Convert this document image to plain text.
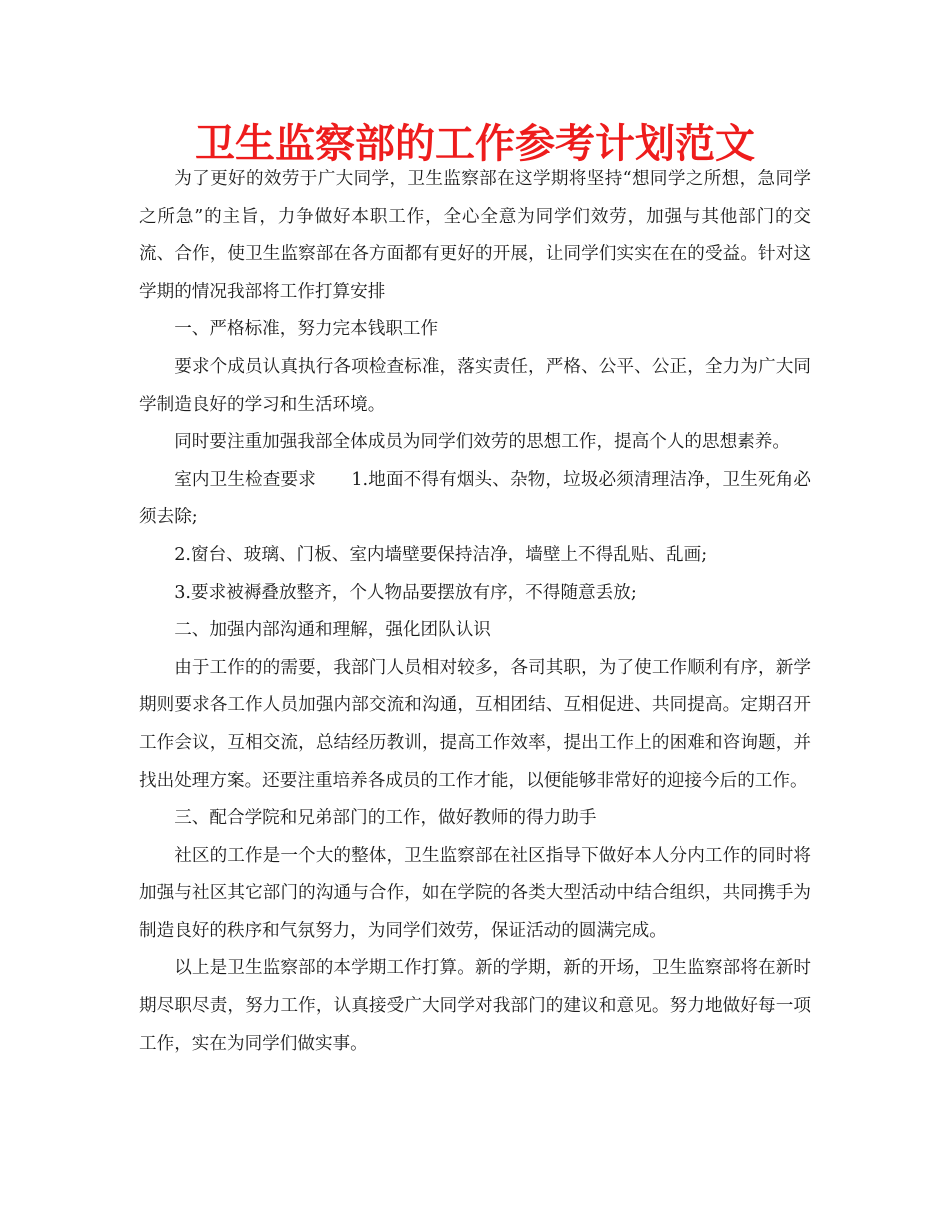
卫生监察部的工作参考计划范文

为了更好的效劳于广大同学，卫生监察部在这学期将坚持“想同学之所想，急同学之所急”的主旨，力争做好本职工作，全心全意为同学们效劳，加强与其他部门的交流、合作，使卫生监察部在各方面都有更好的开展，让同学们实实在在的受益。针对这学期的情况我部将工作打算安排

一、严格标准，努力完本钱职工作

要求个成员认真执行各项检查标准，落实责任，严格、公平、公正，全力为广大同学制造良好的学习和生活环境。

同时要注重加强我部全体成员为同学们效劳的思想工作，提高个人的思想素养。

室内卫生检查要求　　1.地面不得有烟头、杂物，垃圾必须清理洁净，卫生死角必须去除;

2.窗台、玻璃、门板、室内墙壁要保持洁净，墙壁上不得乱贴、乱画;

3.要求被褥叠放整齐，个人物品要摆放有序，不得随意丢放;

二、加强内部沟通和理解，强化团队认识

由于工作的的需要，我部门人员相对较多，各司其职，为了使工作顺利有序，新学期则要求各工作人员加强内部交流和沟通，互相团结、互相促进、共同提高。定期召开工作会议，互相交流，总结经历教训，提高工作效率，提出工作上的困难和咨询题，并找出处理方案。还要注重培养各成员的工作才能，以便能够非常好的迎接今后的工作。

三、配合学院和兄弟部门的工作，做好教师的得力助手

社区的工作是一个大的整体，卫生监察部在社区指导下做好本人分内工作的同时将加强与社区其它部门的沟通与合作，如在学院的各类大型活动中结合组织，共同携手为制造良好的秩序和气氛努力，为同学们效劳，保证活动的圆满完成。

以上是卫生监察部的本学期工作打算。新的学期，新的开场，卫生监察部将在新时期尽职尽责，努力工作，认真接受广大同学对我部门的建议和意见。努力地做好每一项工作，实在为同学们做实事。
